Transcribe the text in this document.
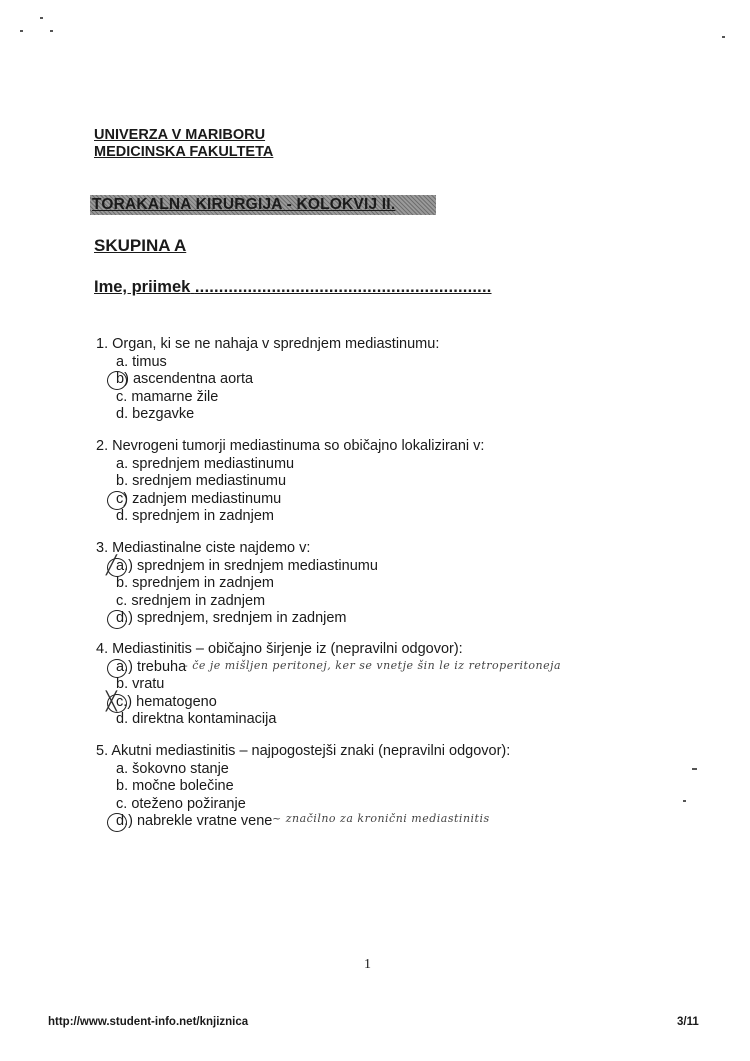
UNIVERZA V MARIBORU
MEDICINSKA FAKULTETA
TORAKALNA KIRURGIJA - KOLOKVIJ II.
SKUPINA A
Ime, priimek ..............................................................
1. Organ, ki se ne nahaja v sprednjem mediastinumu:
a. timus
b) ascendentna aorta
c. mamarne žile
d. bezgavke
2. Nevrogeni tumorji mediastinuma so običajno lokalizirani v:
a. sprednjem mediastinumu
b. srednjem mediastinumu
c) zadnjem mediastinumu
d. sprednjem in zadnjem
3. Mediastinalne ciste najdemo v:
╱ a.) sprednjem in srednjem mediastinumu
b. sprednjem in zadnjem
c. srednjem in zadnjem
d.) sprednjem, srednjem in zadnjem
4. Mediastinitis – običajno širjenje iz (nepravilni odgovor):
a.) trebuha
b. vratu
╳ c.) hematogeno
d. direktna kontaminacija
- če je mišljen peritonej, ker se vnetje šin le iz retroperitoneja
5. Akutni mediastinitis – najpogostejši znaki (nepravilni odgovor):
a. šokovno stanje
b. močne bolečine
c. oteženo požiranje
d.) nabrekle vratne vene ~ značilno za kronični mediastinitis
1
http://www.student-info.net/knjiznica	3/11
